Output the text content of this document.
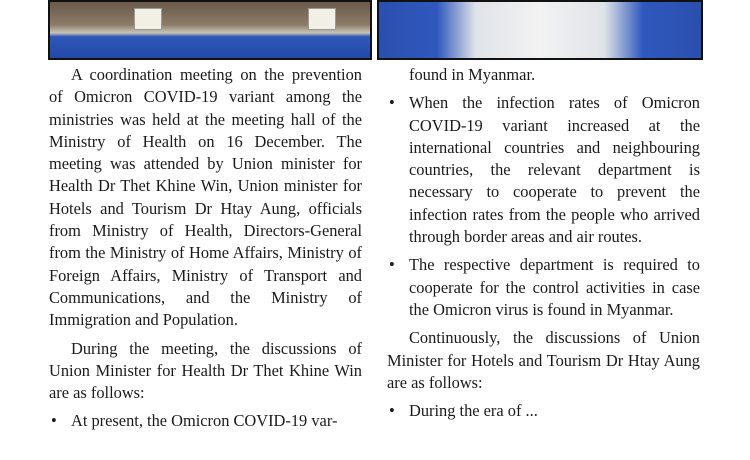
A coordination meeting on the prevention of Omicron COVID-19 variant among the ministries was held at the meeting hall of the Ministry of Health on 16 December. The meeting was attended by Union minister for Health Dr Thet Khine Win, Union minister for Hotels and Tourism Dr Htay Aung, officials from Ministry of Health, Directors-General from the Ministry of Home Affairs, Ministry of Foreign Affairs, Ministry of Transport and Communications, and the Ministry of Immigration and Population.

During the meeting, the discussions of Union Minister for Health Dr Thet Khine Win are as follows:

• At present, the Omicron COVID-19 var-

found in Myanmar.

• When the infection rates of Omicron COVID-19 variant increased at the international countries and neighbouring countries, the relevant department is necessary to cooperate to prevent the infection rates from the people who arrived through border areas and air routes.
• The respective department is required to cooperate for the control activities in case the Omicron virus is found in Myanmar.

Continuously, the discussions of Union Minister for Hotels and Tourism Dr Htay Aung are as follows:

• During the era of ...
